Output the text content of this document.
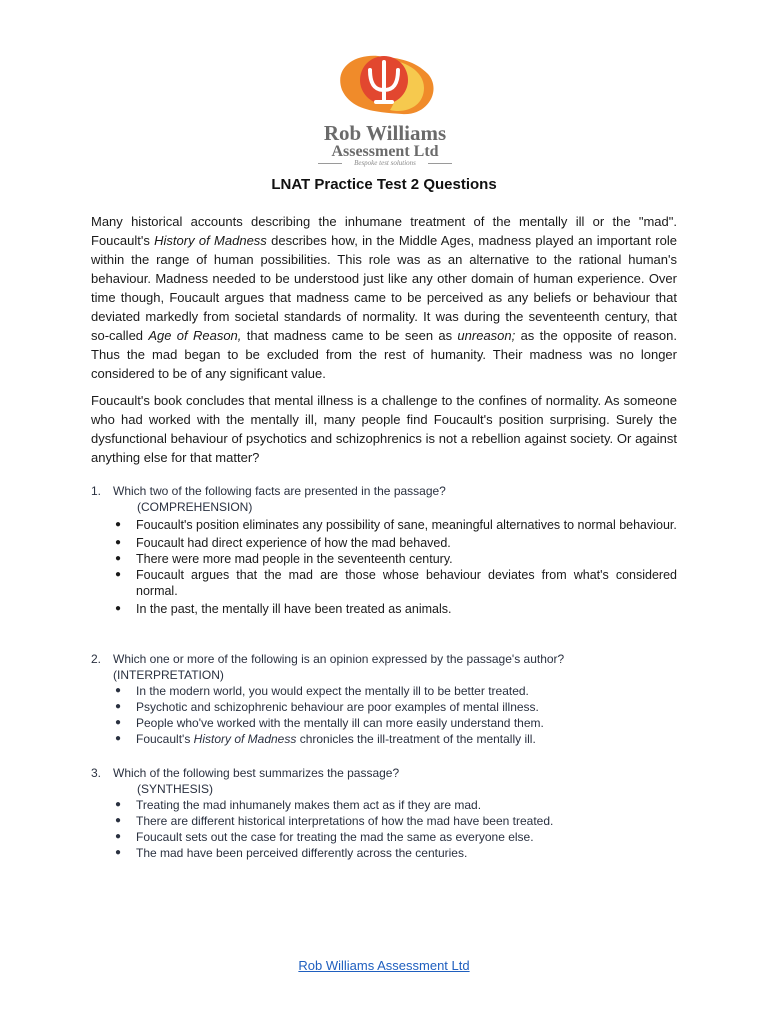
Rob Williams
Assessment Ltd
Bespoke test solutions
LNAT Practice Test 2 Questions

Many historical accounts describing the inhumane treatment of the mentally ill or the "mad". Foucault's History of Madness describes how, in the Middle Ages, madness played an important role within the range of human possibilities. This role was as an alternative to the rational human's behaviour. Madness needed to be understood just like any other domain of human experience. Over time though, Foucault argues that madness came to be perceived as any beliefs or behaviour that deviated markedly from societal standards of normality. It was during the seventeenth century, that so-called Age of Reason, that madness came to be seen as unreason; as the opposite of reason. Thus the mad began to be excluded from the rest of humanity. Their madness was no longer considered to be of any significant value.

Foucault's book concludes that mental illness is a challenge to the confines of normality. As someone who had worked with the mentally ill, many people find Foucault's position surprising. Surely the dysfunctional behaviour of psychotics and schizophrenics is not a rebellion against society. Or against anything else for that matter?

1. Which two of the following facts are presented in the passage?
(COMPREHENSION)
● Foucault's position eliminates any possibility of sane, meaningful alternatives to normal behaviour.
● Foucault had direct experience of how the mad behaved.
● There were more mad people in the seventeenth century.
● Foucault argues that the mad are those whose behaviour deviates from what's considered normal.
● In the past, the mentally ill have been treated as animals.
2. Which one or more of the following is an opinion expressed by the passage's author?
(INTERPRETATION)
● In the modern world, you would expect the mentally ill to be better treated.
● Psychotic and schizophrenic behaviour are poor examples of mental illness.
● People who've worked with the mentally ill can more easily understand them.
● Foucault's History of Madness chronicles the ill-treatment of the mentally ill.
3. Which of the following best summarizes the passage?
(SYNTHESIS)
● Treating the mad inhumanely makes them act as if they are mad.
● There are different historical interpretations of how the mad have been treated.
● Foucault sets out the case for treating the mad the same as everyone else.
● The mad have been perceived differently across the centuries.
Rob Williams Assessment Ltd
